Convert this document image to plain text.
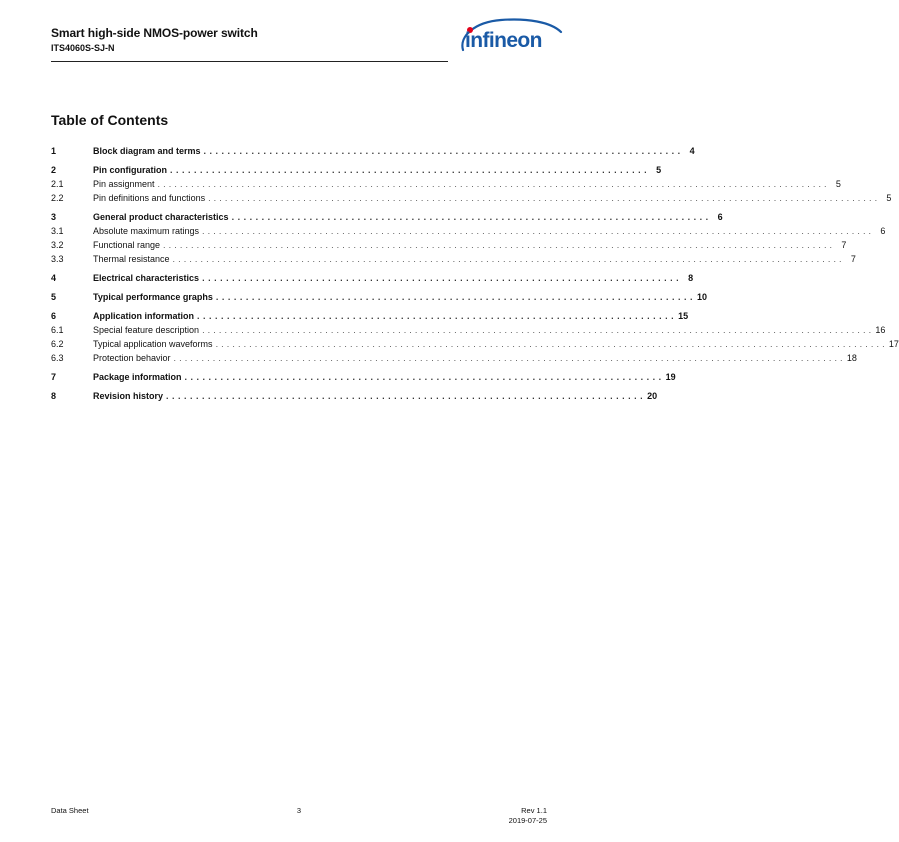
Smart high-side NMOS-power switch
ITS4060S-SJ-N	infineon
Table of Contents
1	Block diagram and terms . . . . . . . . . . . . . . . . . . . . . . . . . . . . . . . . . . . . . . . . . . . . . . . . . . . . . . . . . . . . . . . . . . . . . . . . . . . . . . . . 4
2	Pin configuration . . . . . . . . . . . . . . . . . . . . . . . . . . . . . . . . . . . . . . . . . . . . . . . . . . . . . . . . . . . . . . . . . . . . . . . . . . . . . . . . 5
2.1	Pin assignment . . . . . . . . . . . . . . . . . . . . . . . . . . . . . . . . . . . . . . . . . . . . . . . . . . . . . . . . . . . . . . . . . . . . . . . . . . . . . . . . . . . . . . . . . . . . . . . . . . . . . . . . . . . . . . . . . . . . . . . . 5
2.2	Pin definitions and functions . . . . . . . . . . . . . . . . . . . . . . . . . . . . . . . . . . . . . . . . . . . . . . . . . . . . . . . . . . . . . . . . . . . . . . . . . . . . . . . . . . . . . . . . . . . . . . . . . . . . . . . . . . . . . . . . . . . . . . . . 5
3	General product characteristics . . . . . . . . . . . . . . . . . . . . . . . . . . . . . . . . . . . . . . . . . . . . . . . . . . . . . . . . . . . . . . . . . . . . . . . . . . . . . . . . 6
3.1	Absolute maximum ratings . . . . . . . . . . . . . . . . . . . . . . . . . . . . . . . . . . . . . . . . . . . . . . . . . . . . . . . . . . . . . . . . . . . . . . . . . . . . . . . . . . . . . . . . . . . . . . . . . . . . . . . . . . . . . . . . . . . . . . . . 6
3.2	Functional range . . . . . . . . . . . . . . . . . . . . . . . . . . . . . . . . . . . . . . . . . . . . . . . . . . . . . . . . . . . . . . . . . . . . . . . . . . . . . . . . . . . . . . . . . . . . . . . . . . . . . . . . . . . . . . . . . . . . . . . . 7
3.3	Thermal resistance . . . . . . . . . . . . . . . . . . . . . . . . . . . . . . . . . . . . . . . . . . . . . . . . . . . . . . . . . . . . . . . . . . . . . . . . . . . . . . . . . . . . . . . . . . . . . . . . . . . . . . . . . . . . . . . . . . . . . . . . 7
4	Electrical characteristics . . . . . . . . . . . . . . . . . . . . . . . . . . . . . . . . . . . . . . . . . . . . . . . . . . . . . . . . . . . . . . . . . . . . . . . . . . . . . . . . 8
5	Typical performance graphs . . . . . . . . . . . . . . . . . . . . . . . . . . . . . . . . . . . . . . . . . . . . . . . . . . . . . . . . . . . . . . . . . . . . . . . . . . . . . . . . 10
6	Application information . . . . . . . . . . . . . . . . . . . . . . . . . . . . . . . . . . . . . . . . . . . . . . . . . . . . . . . . . . . . . . . . . . . . . . . . . . . . . . . . 15
6.1	Special feature description . . . . . . . . . . . . . . . . . . . . . . . . . . . . . . . . . . . . . . . . . . . . . . . . . . . . . . . . . . . . . . . . . . . . . . . . . . . . . . . . . . . . . . . . . . . . . . . . . . . . . . . . . . . . . . . . . . . . . . . . 16
6.2	Typical application waveforms . . . . . . . . . . . . . . . . . . . . . . . . . . . . . . . . . . . . . . . . . . . . . . . . . . . . . . . . . . . . . . . . . . . . . . . . . . . . . . . . . . . . . . . . . . . . . . . . . . . . . . . . . . . . . . . . . . . . . . . . 17
6.3	Protection behavior . . . . . . . . . . . . . . . . . . . . . . . . . . . . . . . . . . . . . . . . . . . . . . . . . . . . . . . . . . . . . . . . . . . . . . . . . . . . . . . . . . . . . . . . . . . . . . . . . . . . . . . . . . . . . . . . . . . . . . . . 18
7	Package information . . . . . . . . . . . . . . . . . . . . . . . . . . . . . . . . . . . . . . . . . . . . . . . . . . . . . . . . . . . . . . . . . . . . . . . . . . . . . . . . 19
8	Revision history . . . . . . . . . . . . . . . . . . . . . . . . . . . . . . . . . . . . . . . . . . . . . . . . . . . . . . . . . . . . . . . . . . . . . . . . . . . . . . . . 20
Data Sheet	3	Rev 1.1
2019-07-25
